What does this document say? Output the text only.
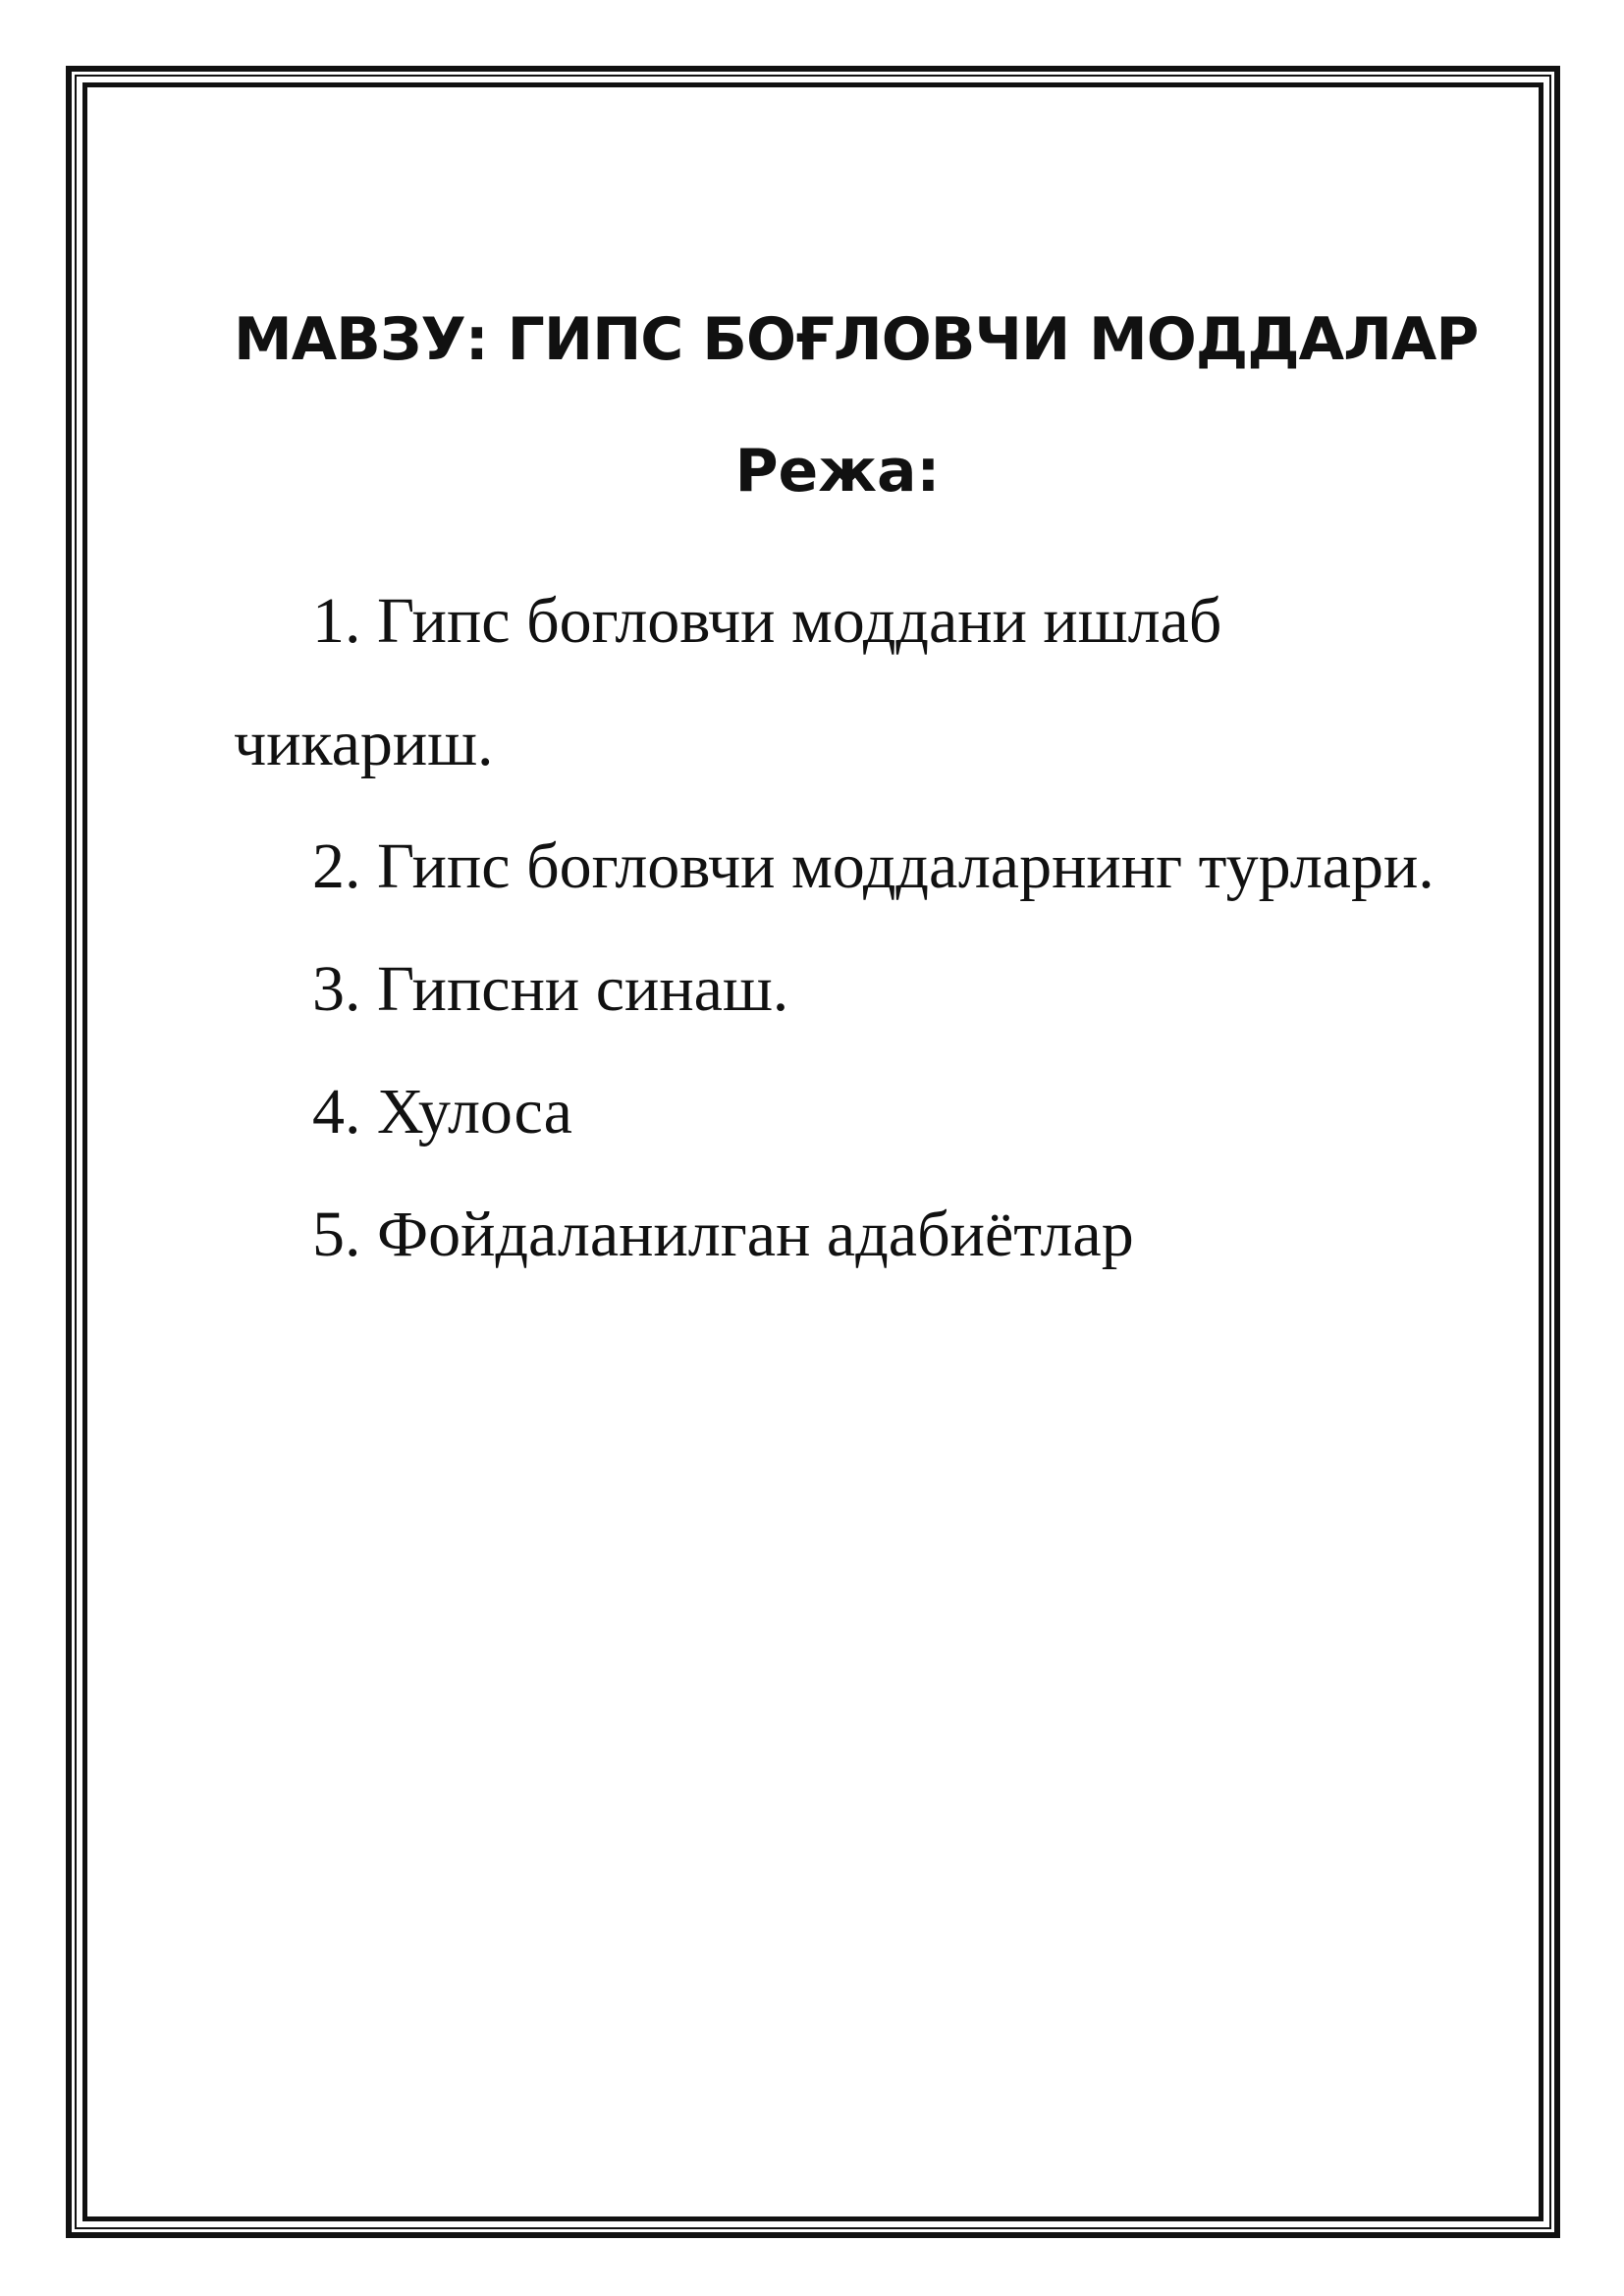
МАВЗУ: ГИПС БОҒЛОВЧИ МОДДАЛАР
Режа:
1. Гипс богловчи моддани ишлаб чикариш.
2. Гипс богловчи моддаларнинг турлари.
3. Гипсни синаш.
4. Хулоса
5. Фойдаланилган адабиётлар
